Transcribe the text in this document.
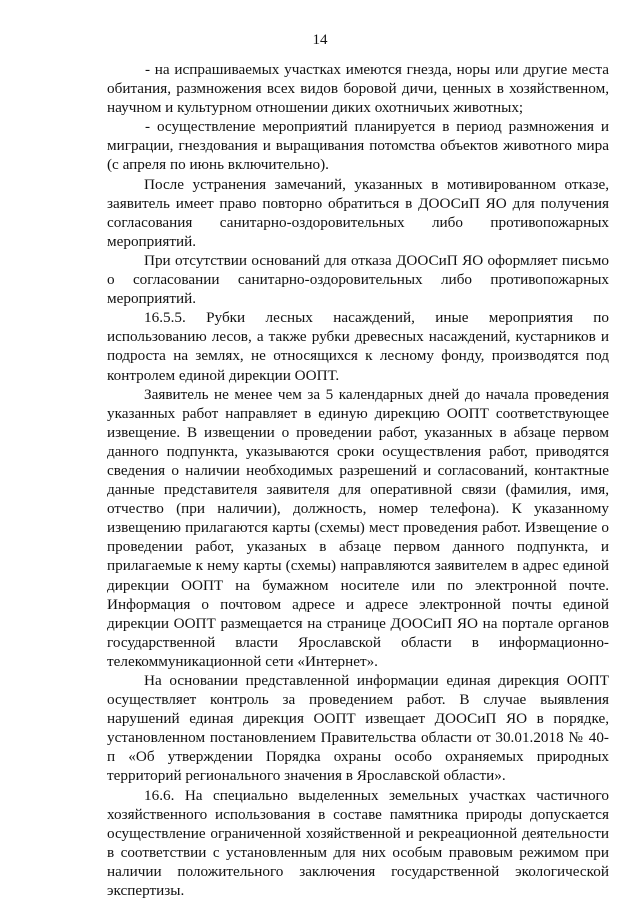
14

- на испрашиваемых участках имеются гнезда, норы или другие места обитания, размножения всех видов боровой дичи, ценных в хозяйственном, научном и культурном отношении диких охотничьих животных;

- осуществление мероприятий планируется в период размножения и миграции, гнездования и выращивания потомства объектов животного мира (с апреля по июнь включительно).

После устранения замечаний, указанных в мотивированном отказе, заявитель имеет право повторно обратиться в ДООСиП ЯО для получения согласования санитарно-оздоровительных либо противопожарных мероприятий.

При отсутствии оснований для отказа ДООСиП ЯО оформляет письмо о согласовании санитарно-оздоровительных либо противопожарных мероприятий.

16.5.5. Рубки лесных насаждений, иные мероприятия по использованию лесов, а также рубки древесных насаждений, кустарников и подроста на землях, не относящихся к лесному фонду, производятся под контролем единой дирекции ООПТ.

Заявитель не менее чем за 5 календарных дней до начала проведения указанных работ направляет в единую дирекцию ООПТ соответствующее извещение. В извещении о проведении работ, указанных в абзаце первом данного подпункта, указываются сроки осуществления работ, приводятся сведения о наличии необходимых разрешений и согласований, контактные данные представителя заявителя для оперативной связи (фамилия, имя, отчество (при наличии), должность, номер телефона). К указанному извещению прилагаются карты (схемы) мест проведения работ. Извещение о проведении работ, указаных в абзаце первом данного подпункта, и прилагаемые к нему карты (схемы) направляются заявителем в адрес единой дирекции ООПТ на бумажном носителе или по электронной почте. Информация о почтовом адресе и адресе электронной почты единой дирекции ООПТ размещается на странице ДООСиП ЯО на портале органов государственной власти Ярославской области в информационно-телекоммуникационной сети «Интернет».

На основании представленной информации единая дирекция ООПТ осуществляет контроль за проведением работ. В случае выявления нарушений единая дирекция ООПТ извещает ДООСиП ЯО в порядке, установленном постановлением Правительства области от 30.01.2018 № 40-п «Об утверждении Порядка охраны особо охраняемых природных территорий регионального значения в Ярославской области».

16.6. На специально выделенных земельных участках частичного хозяйственного использования в составе памятника природы допускается осуществление ограниченной хозяйственной и рекреационной деятельности в соответствии с установленным для них особым правовым режимом при наличии положительного заключения государственной экологической экспертизы.
